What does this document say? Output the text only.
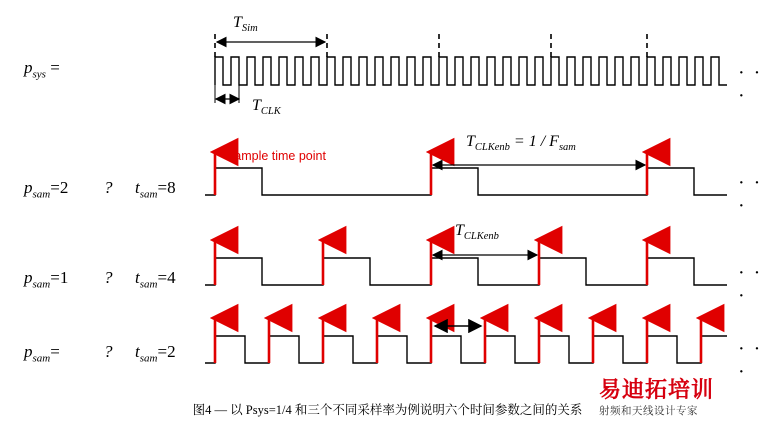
$p_{sys}$ =	· · ·
$T_{Sim}$
$T_{CLK}$
$p_{sam}=2$ ? $t_{sam}=8$	· · ·
sample time point
$T_{CLKenb} = 1 / F_{sam}$
$p_{sam}=1$ ? $t_{sam}=4$	· · ·
$T_{CLKenb}$
$p_{sam}=$	? $t_{sam}=2$	· · ·
图4 — 以 Psys=1/4 和三个不同采样率为例说明六个时间参数之间的关系
易迪拓培训
射频和天线设计专家
